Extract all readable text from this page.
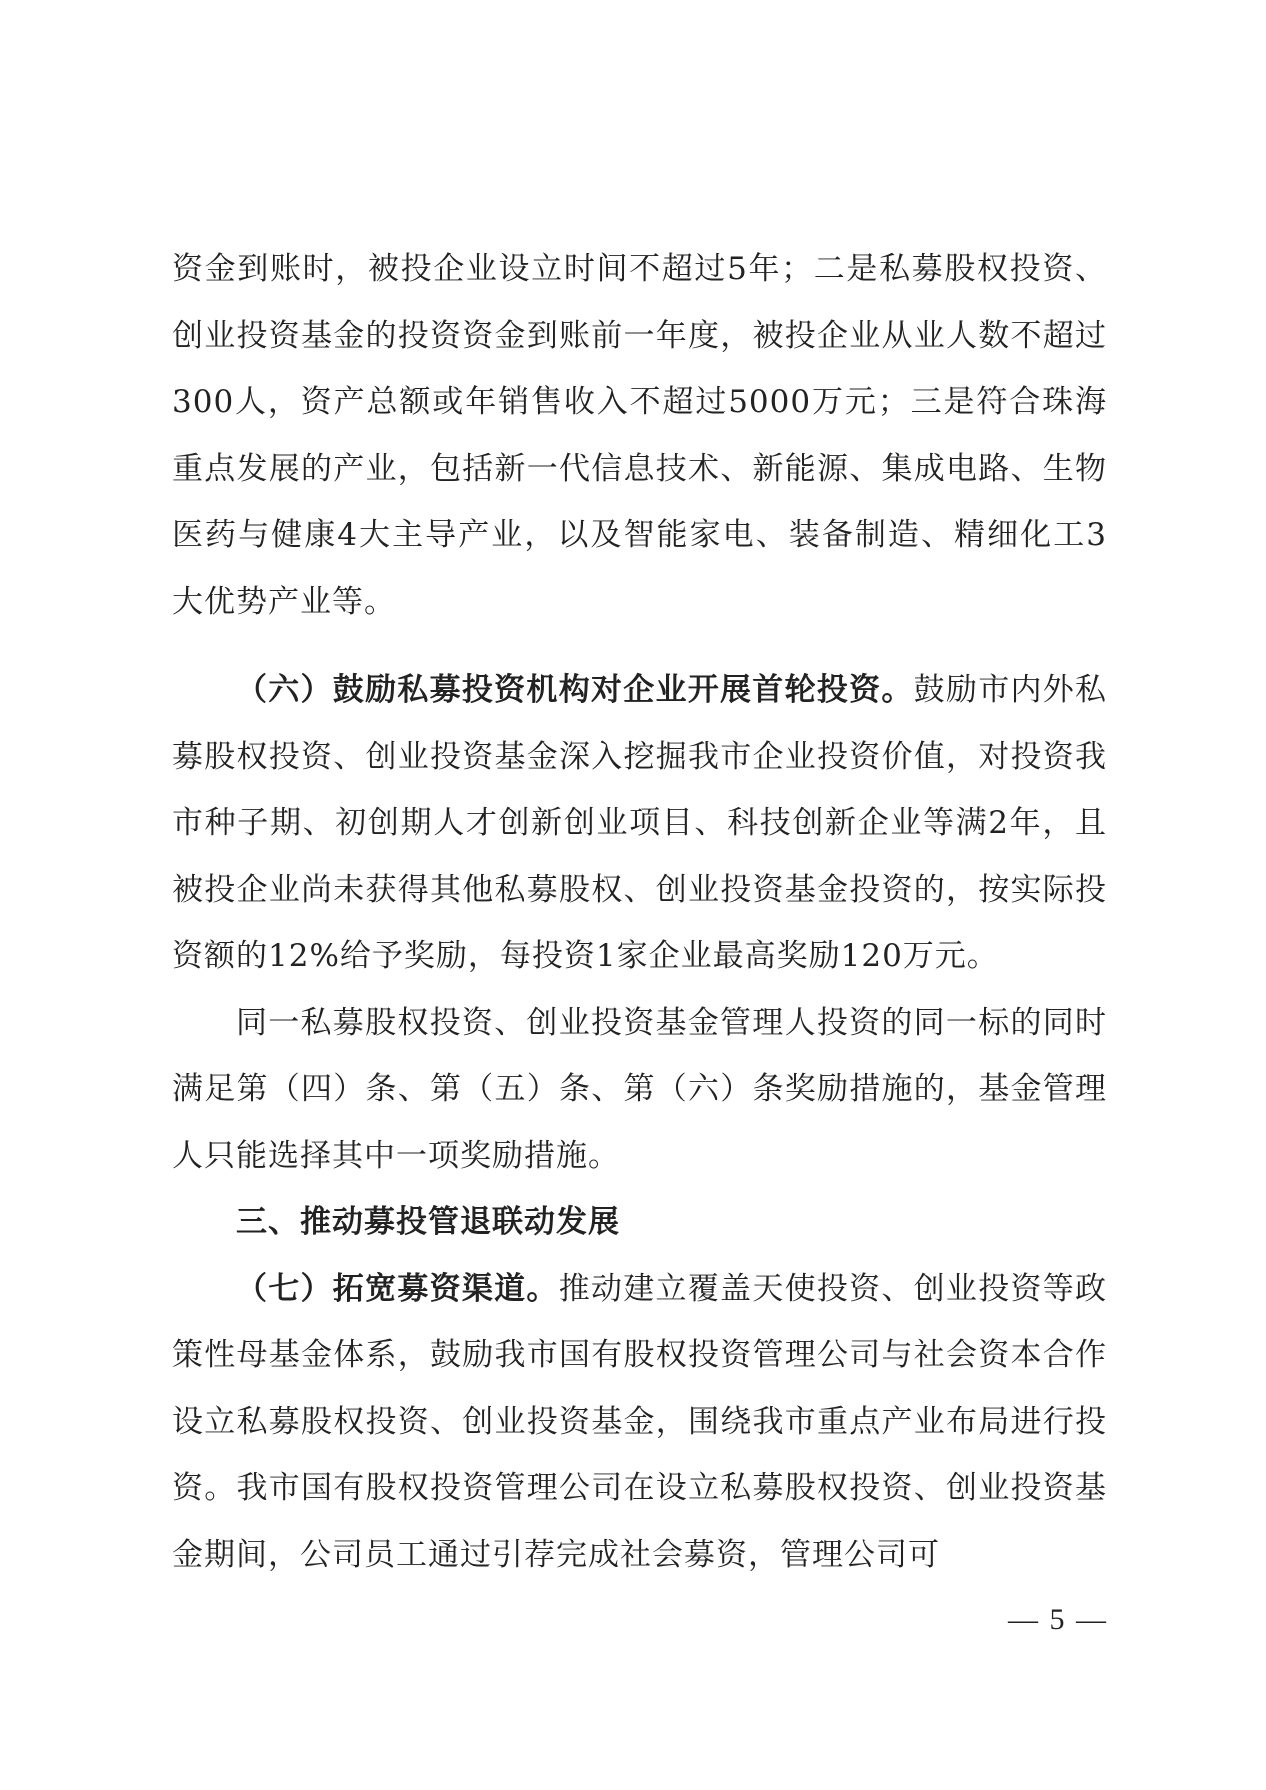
资金到账时，被投企业设立时间不超过5年；二是私募股权投资、创业投资基金的投资资金到账前一年度，被投企业从业人数不超过300人，资产总额或年销售收入不超过5000万元；三是符合珠海重点发展的产业，包括新一代信息技术、新能源、集成电路、生物医药与健康4大主导产业，以及智能家电、装备制造、精细化工3大优势产业等。

（六）鼓励私募投资机构对企业开展首轮投资。鼓励市内外私募股权投资、创业投资基金深入挖掘我市企业投资价值，对投资我市种子期、初创期人才创新创业项目、科技创新企业等满2年，且被投企业尚未获得其他私募股权、创业投资基金投资的，按实际投资额的12%给予奖励，每投资1家企业最高奖励120万元。

同一私募股权投资、创业投资基金管理人投资的同一标的同时满足第（四）条、第（五）条、第（六）条奖励措施的，基金管理人只能选择其中一项奖励措施。

三、推动募投管退联动发展

（七）拓宽募资渠道。推动建立覆盖天使投资、创业投资等政策性母基金体系，鼓励我市国有股权投资管理公司与社会资本合作设立私募股权投资、创业投资基金，围绕我市重点产业布局进行投资。我市国有股权投资管理公司在设立私募股权投资、创业投资基金期间，公司员工通过引荐完成社会募资，管理公司可

— 5 —
